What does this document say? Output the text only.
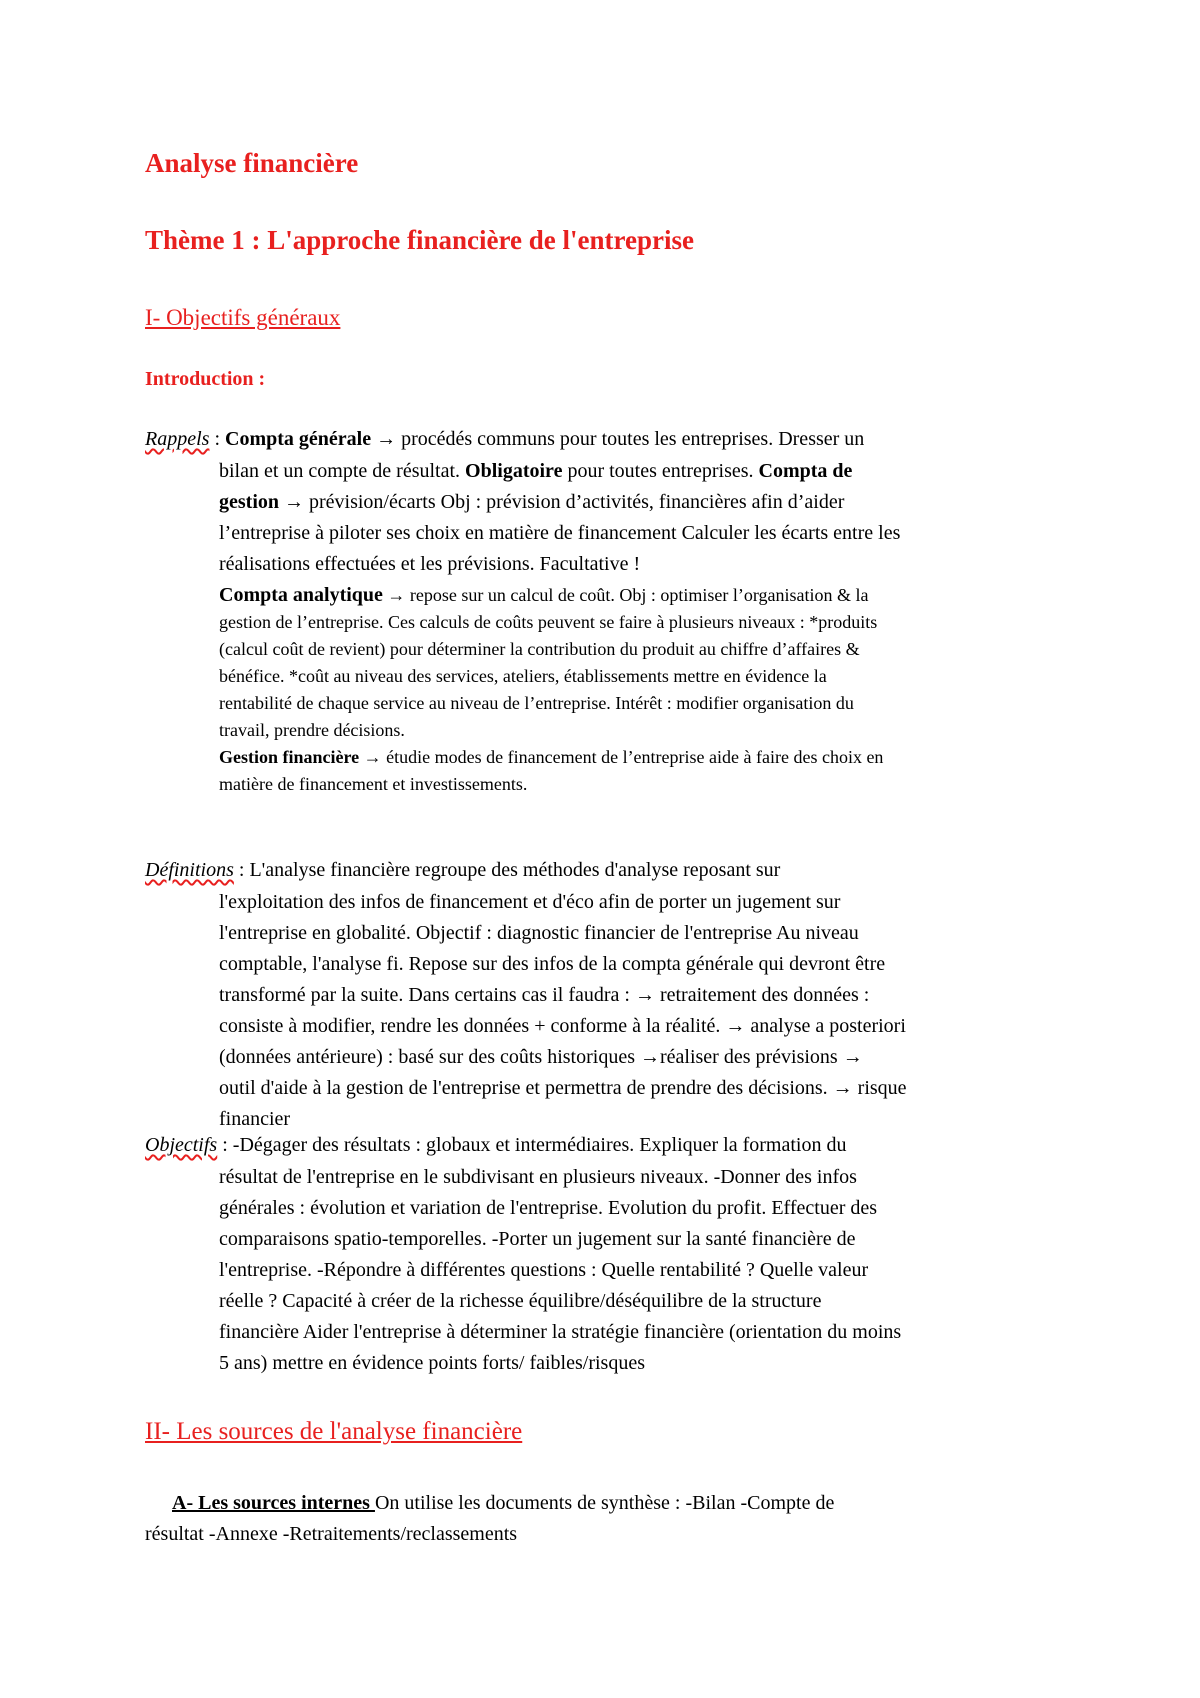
Analyse financière
Thème 1 : L'approche financière de l'entreprise
I- Objectifs généraux
Introduction :
Rappels : Compta générale → procédés communs pour toutes les entreprises. Dresser un
bilan et un compte de résultat. Obligatoire pour toutes entreprises. Compta de
gestion → prévision/écarts Obj : prévision d’activités, financières afin d’aider
l’entreprise à piloter ses choix en matière de financement Calculer les écarts entre les
réalisations effectuées et les prévisions. Facultative !
Compta analytique → repose sur un calcul de coût. Obj : optimiser l’organisation & la
gestion de l’entreprise. Ces calculs de coûts peuvent se faire à plusieurs niveaux : *produits
(calcul coût de revient) pour déterminer la contribution du produit au chiffre d’affaires &
bénéfice. *coût au niveau des services, ateliers, établissements mettre en évidence la
rentabilité de chaque service au niveau de l’entreprise. Intérêt : modifier organisation du
travail, prendre décisions.
Gestion financière → étudie modes de financement de l’entreprise aide à faire des choix en
matière de financement et investissements.
Définitions : L'analyse financière regroupe des méthodes d'analyse reposant sur
l'exploitation des infos de financement et d'éco afin de porter un jugement sur
l'entreprise en globalité. Objectif : diagnostic financier de l'entreprise Au niveau
comptable, l'analyse fi. Repose sur des infos de la compta générale qui devront être
transformé par la suite. Dans certains cas il faudra : → retraitement des données :
consiste à modifier, rendre les données + conforme à la réalité. → analyse a posteriori
(données antérieure) : basé sur des coûts historiques →réaliser des prévisions →
outil d'aide à la gestion de l'entreprise et permettra de prendre des décisions. → risque
financier
Objectifs : -Dégager des résultats : globaux et intermédiaires. Expliquer la formation du
résultat de l'entreprise en le subdivisant en plusieurs niveaux. -Donner des infos
générales : évolution et variation de l'entreprise. Evolution du profit. Effectuer des
comparaisons spatio-temporelles. -Porter un jugement sur la santé financière de
l'entreprise. -Répondre à différentes questions : Quelle rentabilité ? Quelle valeur
réelle ? Capacité à créer de la richesse équilibre/déséquilibre de la structure
financière Aider l'entreprise à déterminer la stratégie financière (orientation du moins
5 ans) mettre en évidence points forts/ faibles/risques
II- Les sources de l'analyse financière
A- Les sources internes On utilise les documents de synthèse : -Bilan -Compte de
résultat -Annexe -Retraitements/reclassements
